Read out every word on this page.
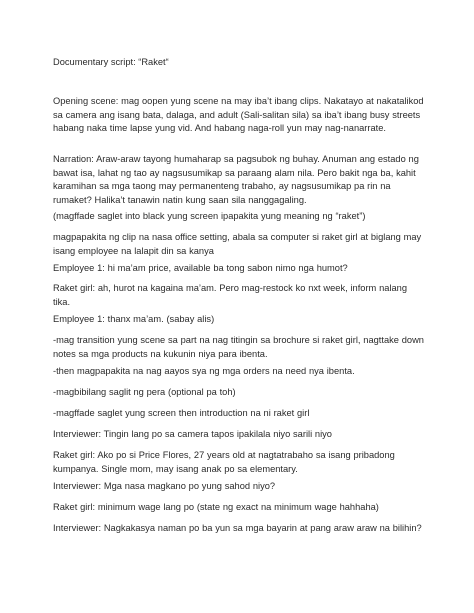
Documentary script: “Raket“

Opening scene: mag oopen yung scene na may iba’t ibang clips. Nakatayo at nakatalikod sa camera ang isang bata, dalaga, and adult (Sali-salitan sila) sa iba’t ibang busy streets habang naka time lapse yung vid. And habang naga-roll yun may nag-nanarrate.

Narration: Araw-araw tayong humaharap sa pagsubok ng buhay. Anuman ang estado ng bawat isa, lahat ng tao ay nagsusumikap sa paraang alam nila. Pero bakit nga ba, kahit karamihan sa mga taong may permanenteng trabaho, ay nagsusumikap pa rin na rumaket? Halika’t tanawin natin kung saan sila nanggagaling.

(magffade saglet into black yung screen ipapakita yung meaning ng “raket”)

magpapakita ng clip na nasa office setting, abala sa computer si raket girl at biglang may isang employee na lalapit din sa kanya

Employee 1: hi ma’am price, available ba tong sabon nimo nga humot?

Raket girl: ah, hurot na kagaina ma’am. Pero mag-restock ko nxt week, inform nalang tika.

Employee 1: thanx ma’am. (sabay alis)

-mag transition yung scene sa part na nag titingin sa brochure si raket girl, nagttake down notes sa mga products na kukunin niya para ibenta.

-then magpapakita na nag aayos sya ng mga orders na need nya ibenta.

-magbibilang saglit ng pera (optional pa toh)

-magffade saglet yung screen then introduction na ni raket girl

Interviewer: Tingin lang po sa camera tapos ipakilala niyo sarili niyo

Raket girl: Ako po si Price Flores, 27 years old at nagtatrabaho sa isang pribadong kumpanya. Single mom, may isang anak po sa elementary.

Interviewer: Mga nasa magkano po yung sahod niyo?

Raket girl: minimum wage lang po (state ng exact na minimum wage hahhaha)

Interviewer: Nagkakasya naman po ba yun sa mga bayarin at pang araw araw na bilihin?
